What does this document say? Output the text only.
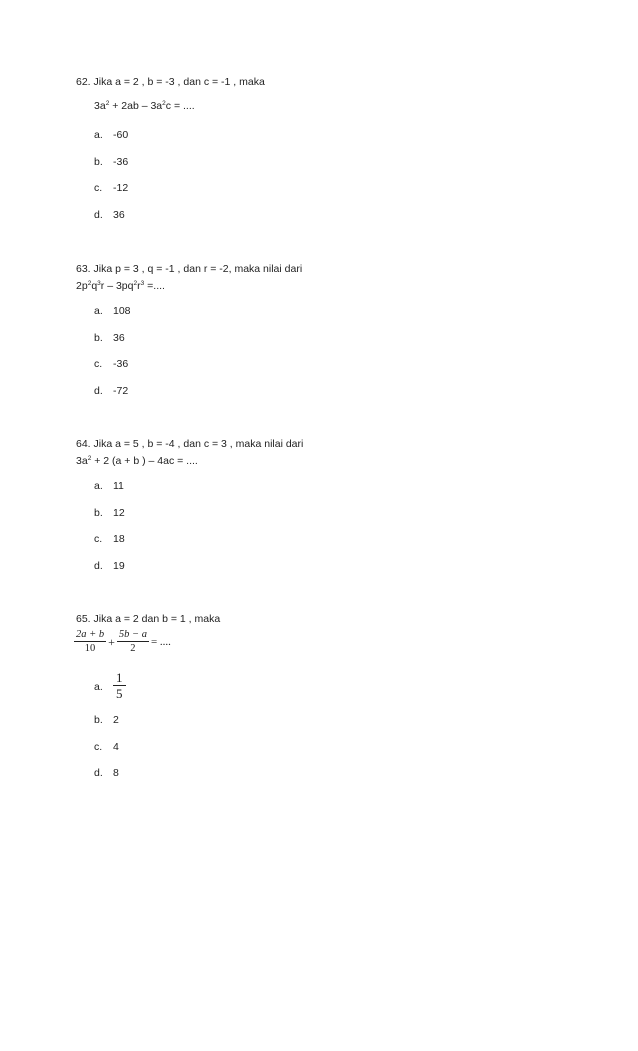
62. Jika a = 2 , b = -3 , dan c = -1 , maka
$3a^2 + 2ab - 3a^2c$ = ....
a. -60
b. -36
c.	-12
d. 36
63. Jika p = 3 , q = -1 , dan r = -2, maka nilai dari
$2p^2q^3r - 3pq^2r^3$ =....
a. 108
b. 36
c.	-36
d. -72
64. Jika a = 5 , b = -4 , dan c = 3 , maka nilai dari
$3a^2 + 2$ (a + b ) – 4ac = ....
a. 11
b. 12
c.	18
d. 19
65. Jika a = 2 dan b = 1 , maka
$\frac{2a + b}{10} + \frac{5b - a}{2}$ = ....
a. $\frac{1}{5}$
b. 2
c.	4
d. 8
